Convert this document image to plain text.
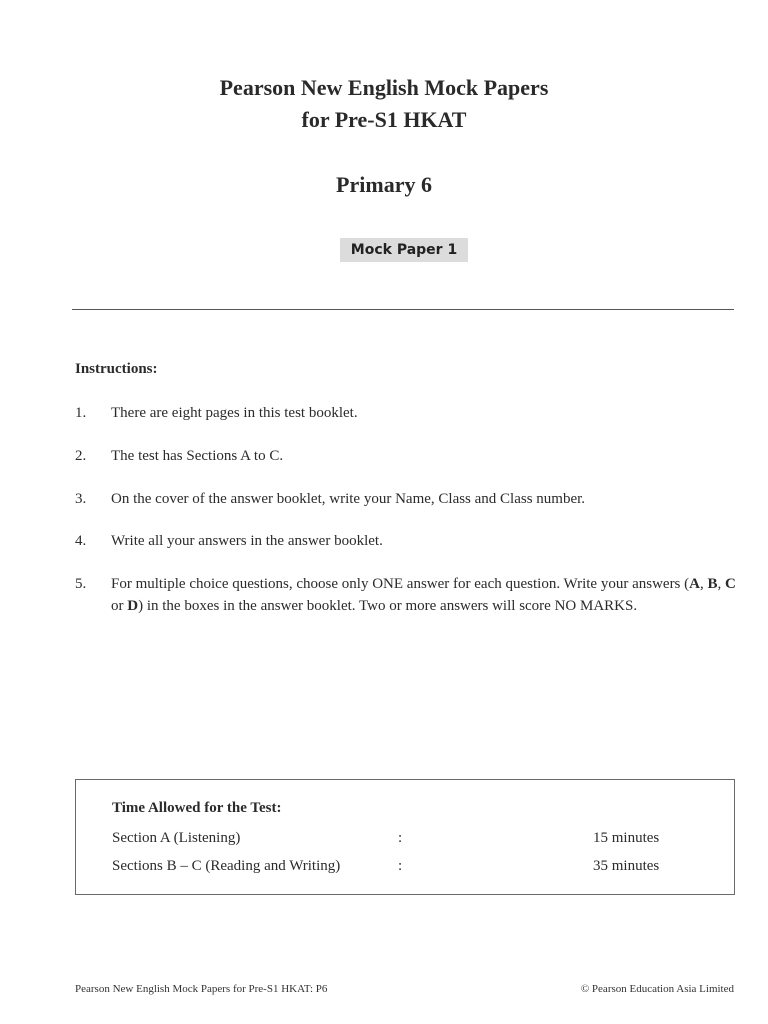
Pearson New English Mock Papers
for Pre-S1 HKAT
Primary 6
Mock Paper 1
Instructions:
1.	There are eight pages in this test booklet.
2.	The test has Sections A to C.
3.	On the cover of the answer booklet, write your Name, Class and Class number.
4.	Write all your answers in the answer booklet.
5.	For multiple choice questions, choose only ONE answer for each question. Write your answers (A, B, C or D) in the boxes in the answer booklet. Two or more answers will score NO MARKS.
Time Allowed for the Test:
Section A (Listening)	:	15 minutes
Sections B – C (Reading and Writing)	:	35 minutes
Pearson New English Mock Papers for Pre-S1 HKAT: P6	© Pearson Education Asia Limited
